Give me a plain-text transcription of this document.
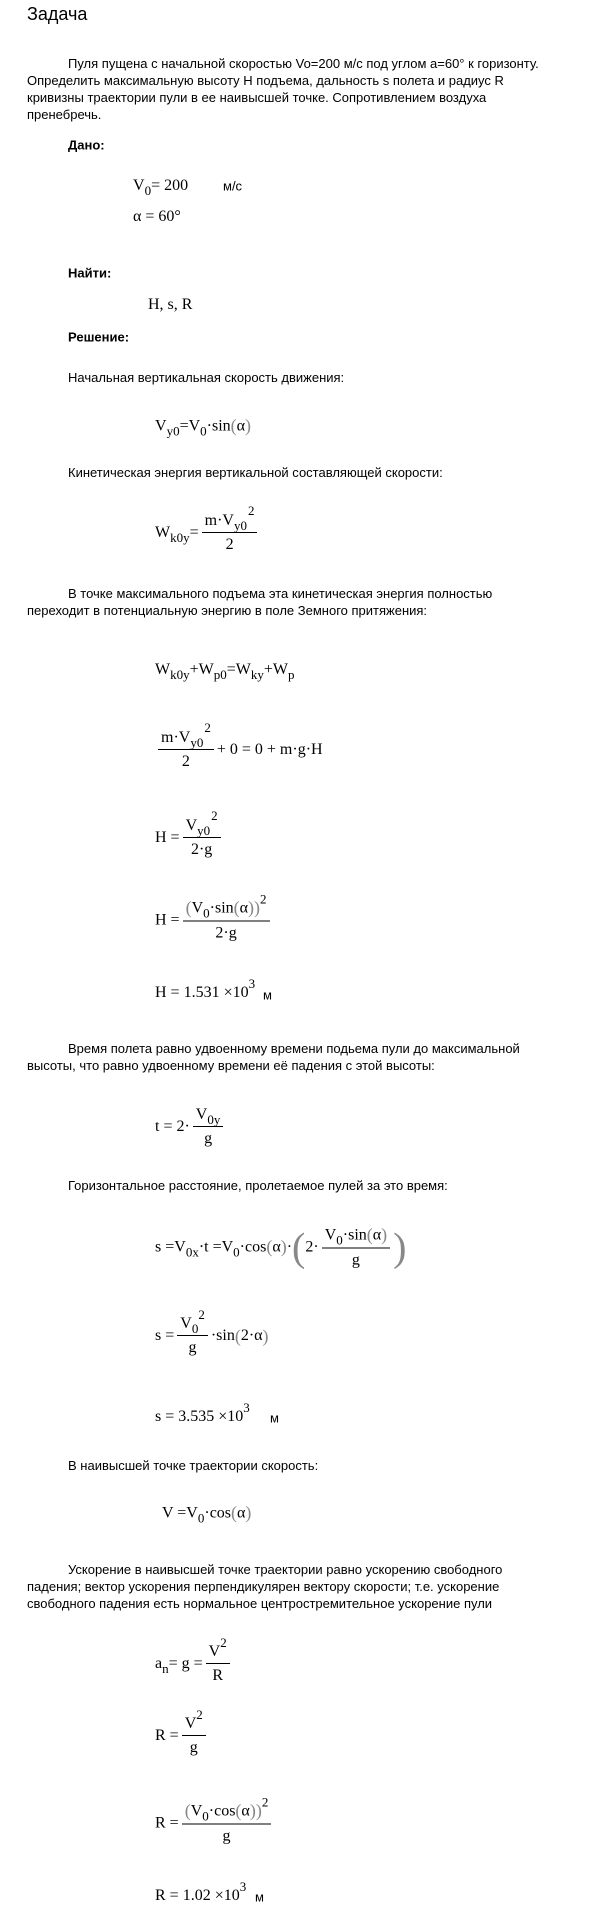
Задача
Пуля пущена с начальной скоростью Vo=200 м/с под углом a=60° к горизонту.
Определить максимальную высоту H подъема, дальность s полета и радиус R
кривизны траектории пули в ее наивысшей точке. Сопротивлением воздуха
пренебречь.
Дано:
V 0 = 200	м/с
α = 60°
Найти:
H, s, R
Решение:
Начальная вертикальная скорость движения:
V y0 = V 0 ·sin ( α )
Кинетическая энергия вертикальной составляющей скорости:
W $k0y = \frac{m\cdot V_{y0}^2}{2}$
В точке максимального подъема эта кинетическая энергия полностью
переходит в потенциальную энергию в поле Земного притяжения:
W k0y + W p0 = W ky + W p
$\frac{m\cdot V_{y0}^2}{2} + 0 = 0 + m\cdot g\cdot H$
$H = \frac{V_{y0}^2}{2\cdot g}$
$H = \frac{( V 0 \cdot\sin ( \alpha ) ) 2}{2\cdot g}$
H = 1.531 × 10
3
м
Время полета равно удвоенному времени подьема пули до максимальной
высоты, что равно удвоенному времени её падения с этой высоты:
$t = 2\cdot \frac{V 0y}{g}$
Горизонтальное расстояние, пролетаемое пулей за это время:
s = V 0x ·t = V 0 ·cos ( α ) · ( $2\cdot \frac{V 0 \cdot\sin ( \alpha )}{g}$ )
s = V 0
2
g ·sin ( 2·α )
s = 3.535 × 10
3
м
В наивысшей точке траектории скорость:
V = V 0 ·cos ( α )
Ускорение в наивысшей точке траектории равно ускорению свободного
падения; вектор ускорения перпендикулярен вектору скорости; т.е. ускорение
свободного падения есть нормальное центростремительное ускорение пули
a n = g = V
2
R
R = V
2
g
$R = \frac{( V 0 \cdot\cos ( \alpha ) ) 2}{g}$
R = 1.02 × 10
3
м
